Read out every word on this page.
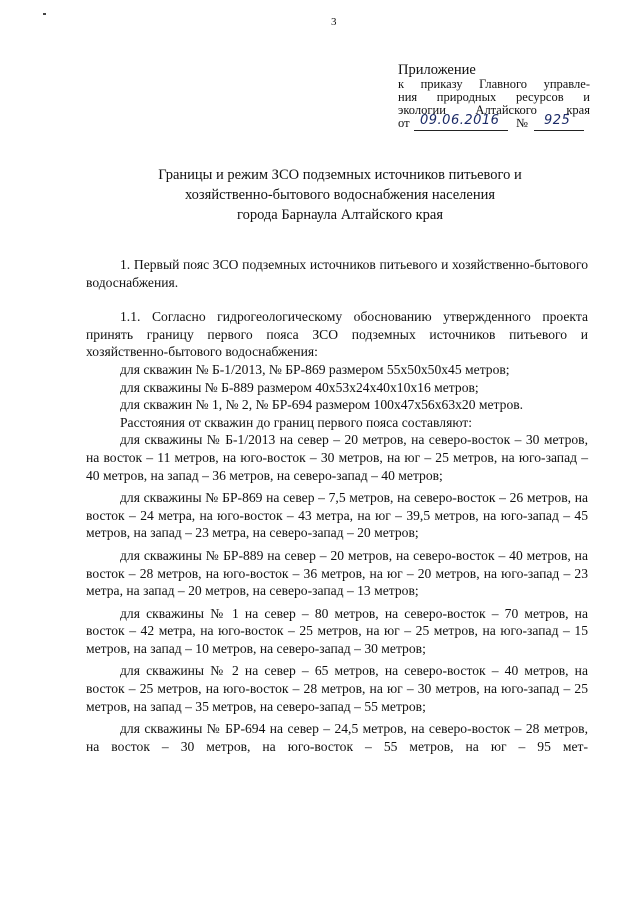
3
Приложение
к приказу Главного управле-
ния природных ресурсов и
экологии Алтайского края
от 09.06.2016 № 925
Границы и режим ЗСО подземных источников питьевого и
хозяйственно-бытового водоснабжения населения
города Барнаула Алтайского края

1. Первый пояс ЗСО подземных источников питьевого и хозяйственно-бытового водоснабжения.

1.1. Согласно гидрогеологическому обоснованию утвержденного проекта принять границу первого пояса ЗСО подземных источников питьевого и хозяйственно-бытового водоснабжения:

для скважин № Б-1/2013, № БР-869 размером 55х50х50х45 метров;

для скважины № Б-889 размером 40х53х24х40х10х16 метров;

для скважин № 1, № 2, № БР-694 размером 100х47х56х63х20 метров.

Расстояния от скважин до границ первого пояса составляют:

для скважины № Б-1/2013 на север – 20 метров, на северо-восток – 30 метров, на восток – 11 метров, на юго-восток – 30 метров, на юг – 25 метров, на юго-запад – 40 метров, на запад – 36 метров, на северо-запад – 40 метров;

для скважины № БР-869 на север – 7,5 метров, на северо-восток – 26 метров, на восток – 24 метра, на юго-восток – 43 метра, на юг – 39,5 метров, на юго-запад – 45 метров, на запад – 23 метра, на северо-запад – 20 метров;

для скважины № БР-889 на север – 20 метров, на северо-восток – 40 метров, на восток – 28 метров, на юго-восток – 36 метров, на юг – 20 метров, на юго-запад – 23 метра, на запад – 20 метров, на северо-запад – 13 метров;

для скважины № 1 на север – 80 метров, на северо-восток – 70 метров, на восток – 42 метра, на юго-восток – 25 метров, на юг – 25 метров, на юго-запад – 15 метров, на запад – 10 метров, на северо-запад – 30 метров;

для скважины № 2 на север – 65 метров, на северо-восток – 40 метров, на восток – 25 метров, на юго-восток – 28 метров, на юг – 30 метров, на юго-запад – 25 метров, на запад – 35 метров, на северо-запад – 55 метров;

для скважины № БР-694 на север – 24,5 метров, на северо-восток – 28 метров, на восток – 30 метров, на юго-восток – 55 метров, на юг – 95 мет-
